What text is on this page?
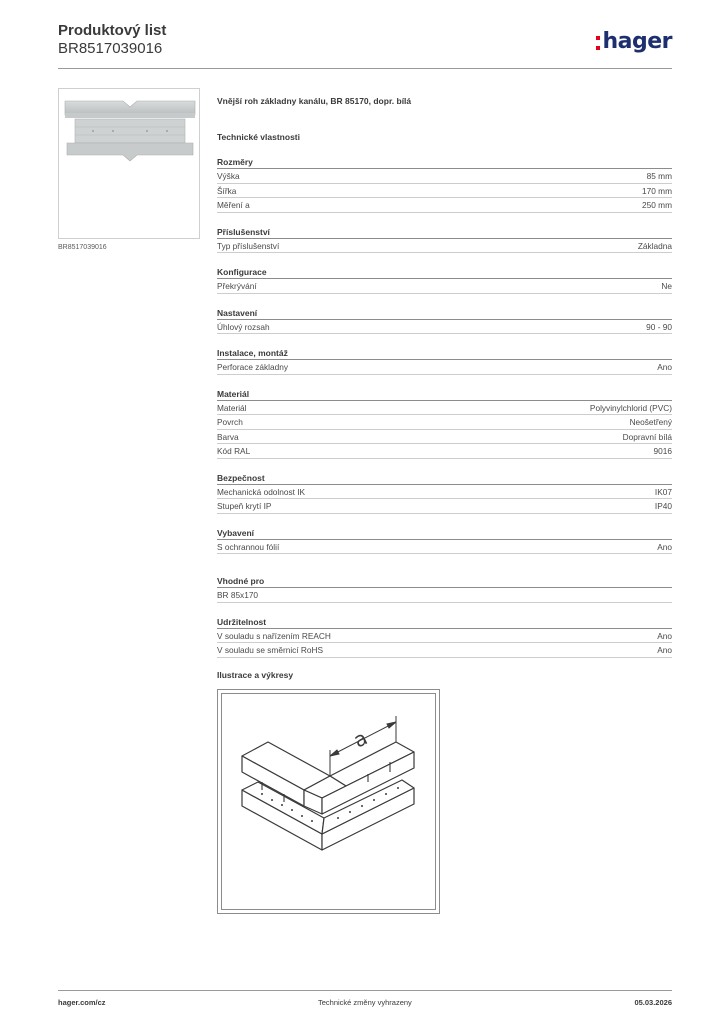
Produktový list
BR8517039016	hager
BR8517039016
Vnější roh základny kanálu, BR 85170, dopr. bílá
Technické vlastnosti
Rozměry
Výška	85 mm
Šířka	170 mm
Měření a	250 mm
Příslušenství
Typ příslušenství	Základna
Konfigurace
Překrývání	Ne
Nastavení
Úhlový rozsah	90 - 90
Instalace, montáž
Perforace základny	Ano
Materiál
Materiál	Polyvinylchlorid (PVC)
Povrch	Neošetřený
Barva	Dopravní bílá
Kód RAL	9016
Bezpečnost
Mechanická odolnost IK	IK07
Stupeň krytí IP	IP40
Vybavení
S ochrannou fólií	Ano
Vhodné pro
BR 85x170
Udržitelnost
V souladu s nařízením REACH	Ano
V souladu se směrnicí RoHS	Ano
Ilustrace a výkresy
a
hager.com/cz	Technické změny vyhrazeny	05.03.2026
